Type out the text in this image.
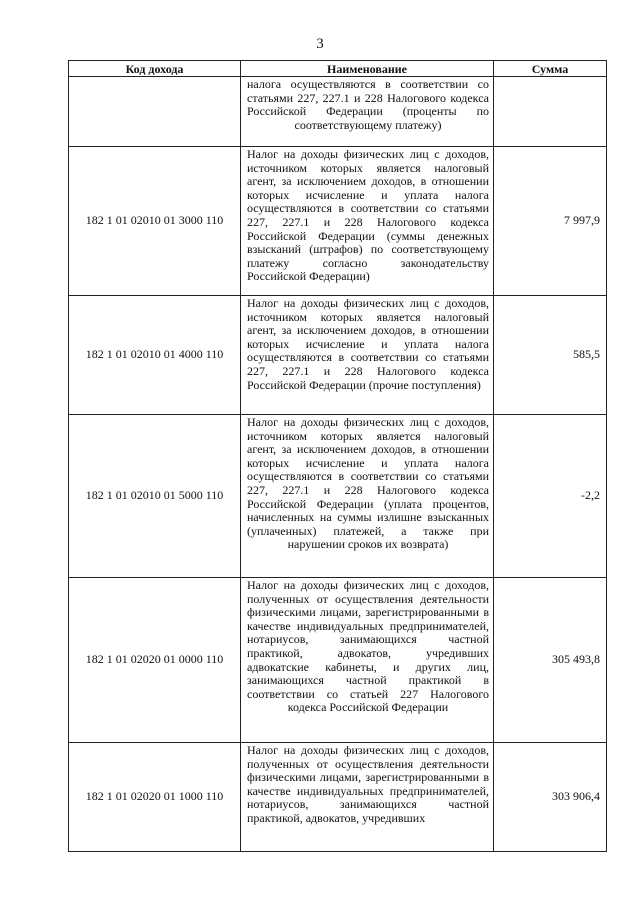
3
Код дохода	Наименование	Сумма

	налога осуществляются в соответствии со статьями 227, 227.1 и 228 Налогового кодекса Российской Федерации (проценты по соответствующему платежу)	

182 1 01 02010 01 3000 110	Налог на доходы физических лиц с доходов, источником которых является налоговый агент, за исключением доходов, в отношении которых исчисление и уплата налога осуществляются в соответствии со статьями 227, 227.1 и 228 Налогового кодекса Российской Федерации (суммы денежных взысканий (штрафов) по соответствующему платежу согласно законодательству Российской Федерации)	7 997,9
182 1 01 02010 01 4000 110	Налог на доходы физических лиц с доходов, источником которых является налоговый агент, за исключением доходов, в отношении которых исчисление и уплата налога осуществляются в соответствии со статьями 227, 227.1 и 228 Налогового кодекса Российской Федерации (прочие поступления)	585,5
182 1 01 02010 01 5000 110	Налог на доходы физических лиц с доходов, источником которых является налоговый агент, за исключением доходов, в отношении которых исчисление и уплата налога осуществляются в соответствии со статьями 227, 227.1 и 228 Налогового кодекса Российской Федерации (уплата процентов, начисленных на суммы излишне взысканных (уплаченных) платежей, а также при нарушении сроков их возврата)	-2,2
182 1 01 02020 01 0000 110	Налог на доходы физических лиц с доходов, полученных от осуществления деятельности физическими лицами, зарегистрированными в качестве индивидуальных предпринимателей, нотариусов, занимающихся частной практикой, адвокатов, учредивших адвокатские кабинеты, и других лиц, занимающихся частной практикой в соответствии со статьей 227 Налогового кодекса Российской Федерации	305 493,8
182 1 01 02020 01 1000 110	Налог на доходы физических лиц с доходов, полученных от осуществления деятельности физическими лицами, зарегистрированными в качестве индивидуальных предпринимателей, нотариусов, занимающихся частной практикой, адвокатов, учредивших	303 906,4
